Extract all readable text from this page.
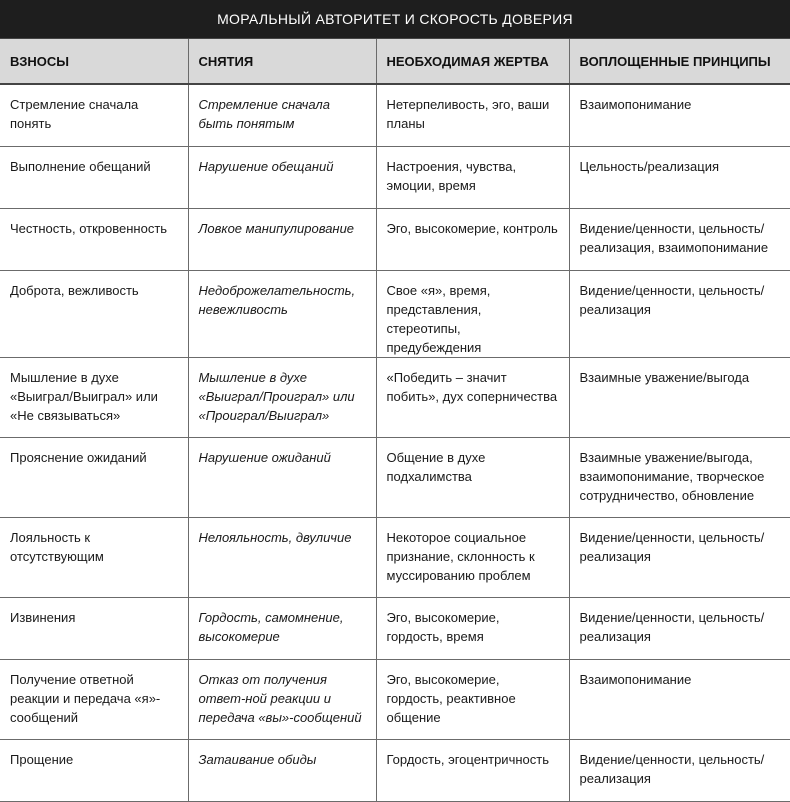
МОРАЛЬНЫЙ АВТОРИТЕТ И СКОРОСТЬ ДОВЕРИЯ
ВЗНОСЫ	СНЯТИЯ	НЕОБХОДИМАЯ ЖЕРТВА	ВОПЛОЩЕННЫЕ ПРИНЦИПЫ
Стремление сначала понять	Стремление сначала быть понятым	Нетерпеливость, эго, ваши планы	Взаимопонимание
Выполнение обещаний	Нарушение обещаний	Настроения, чувства, эмоции, время	Цельность/реализация
Честность, откровенность	Ловкое манипулирование	Эго, высокомерие, контроль	Видение/ценности, цельность/ реализация, взаимопонимание
Доброта, вежливость	Недоброжелательность, невежливость	Свое «я», время, представления, стереотипы, предубеждения	Видение/ценности, цельность/ реализация
Мышление в духе «Выиграл/Выиграл» или «Не связываться»	Мышление в духе «Выиграл/Проиграл» или «Проиграл/Выиграл»	«Победить – значит побить», дух соперничества	Взаимные уважение/выгода
Прояснение ожиданий	Нарушение ожиданий	Общение в духе подхалимства	Взаимные уважение/выгода, взаимопонимание, творческое сотрудничество, обновление
Лояльность к отсутствующим	Нелояльность, двуличие	Некоторое социальное признание, склонность к муссированию проблем	Видение/ценности, цельность/ реализация
Извинения	Гордость, самомнение, высокомерие	Эго, высокомерие, гордость, время	Видение/ценности, цельность/ реализация
Получение ответной реакции и передача «я»-сообщений	Отказ от получения ответ-ной реакции и передача «вы»-сообщений	Эго, высокомерие, гордость, реактивное общение	Взаимопонимание
Прощение	Затаивание обиды	Гордость, эгоцентричность	Видение/ценности, цельность/ реализация
